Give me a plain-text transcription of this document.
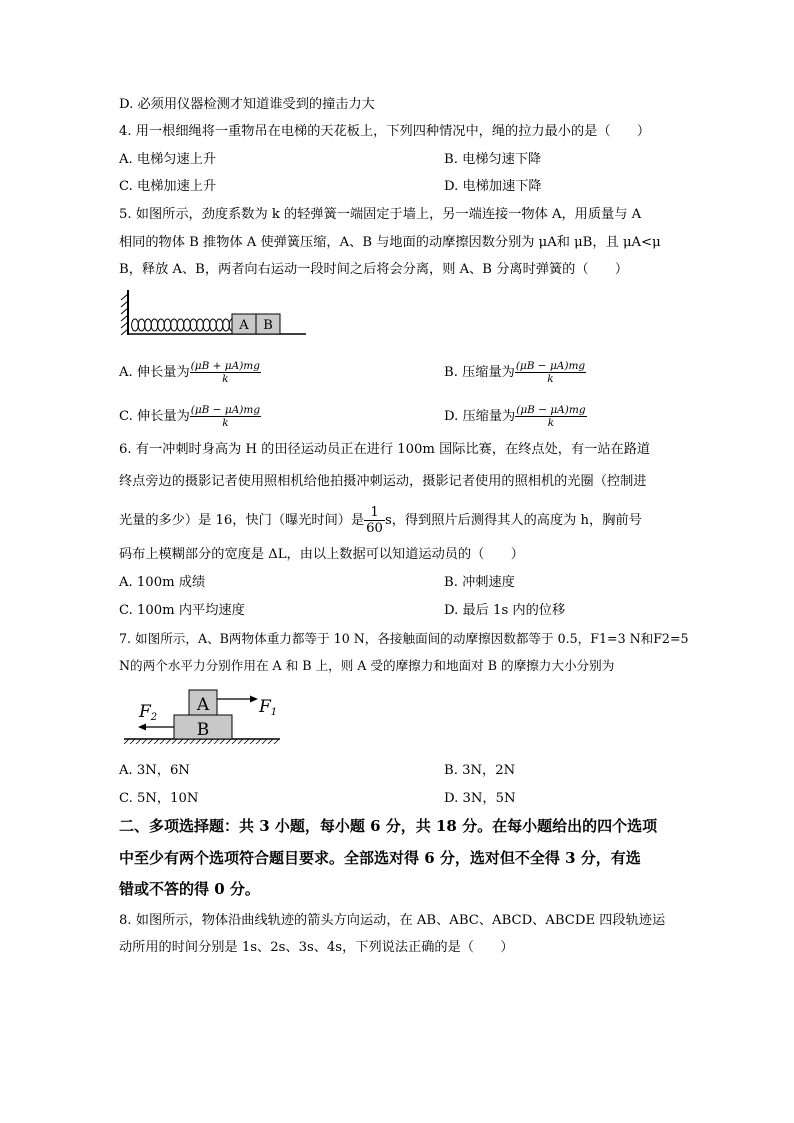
D. 必须用仪器检测才知道谁受到的撞击力大
4. 用一根细绳将一重物吊在电梯的天花板上，下列四种情况中，绳的拉力最小的是（　　）
A. 电梯匀速上升	B. 电梯匀速下降
C. 电梯加速上升	D. 电梯加速下降
5. 如图所示，劲度系数为 k 的轻弹簧一端固定于墙上，另一端连接一物体 A，用质量与 A
相同的物体 B 推物体 A 使弹簧压缩，A、B 与地面的动摩擦因数分别为 μA和 μB，且 μA<μ
B，释放 A、B，两者向右运动一段时间之后将会分离，则 A、B 分离时弹簧的（　　）
A B
A. 伸长量为 $\frac{(\mu B + \mu A)mg}{k}$	B. 压缩量为 $\frac{(\mu B - \mu A)mg}{k}$
C. 伸长量为 $\frac{(\mu B - \mu A)mg}{k}$	D. 压缩量为 $\frac{(\mu B - \mu A)mg}{k}$
6. 有一冲刺时身高为 H 的田径运动员正在进行 100m 国际比赛，在终点处，有一站在路道
终点旁边的摄影记者使用照相机给他拍摄冲刺运动，摄影记者使用的照相机的光圈（控制进
光量的多少）是 16，快门（曝光时间）是 $\frac{1}{60}$ s，得到照片后测得其人的高度为 h，胸前号
码布上模糊部分的宽度是 ΔL，由以上数据可以知道运动员的（　　）
A. 100m 成绩	B. 冲刺速度
C. 100m 内平均速度	D. 最后 1s 内的位移
7. 如图所示，A、B两物体重力都等于 10 N，各接触面间的动摩擦因数都等于 0.5，F1=3 N和F2=5
N的两个水平力分别作用在 A 和 B 上，则 A 受的摩擦力和地面对 B 的摩擦力大小分别为
A
B
F1
F2
A. 3N，6N	B. 3N，2N
C. 5N，10N	D. 3N，5N
二、多项选择题：共 3 小题，每小题 6 分，共 18 分。在每小题给出的四个选项
中至少有两个选项符合题目要求。全部选对得 6 分，选对但不全得 3 分，有选
错或不答的得 0 分。
8. 如图所示，物体沿曲线轨迹的箭头方向运动，在 AB、ABC、ABCD、ABCDE 四段轨迹运
动所用的时间分别是 1s、2s、3s、4s，下列说法正确的是（　　）
